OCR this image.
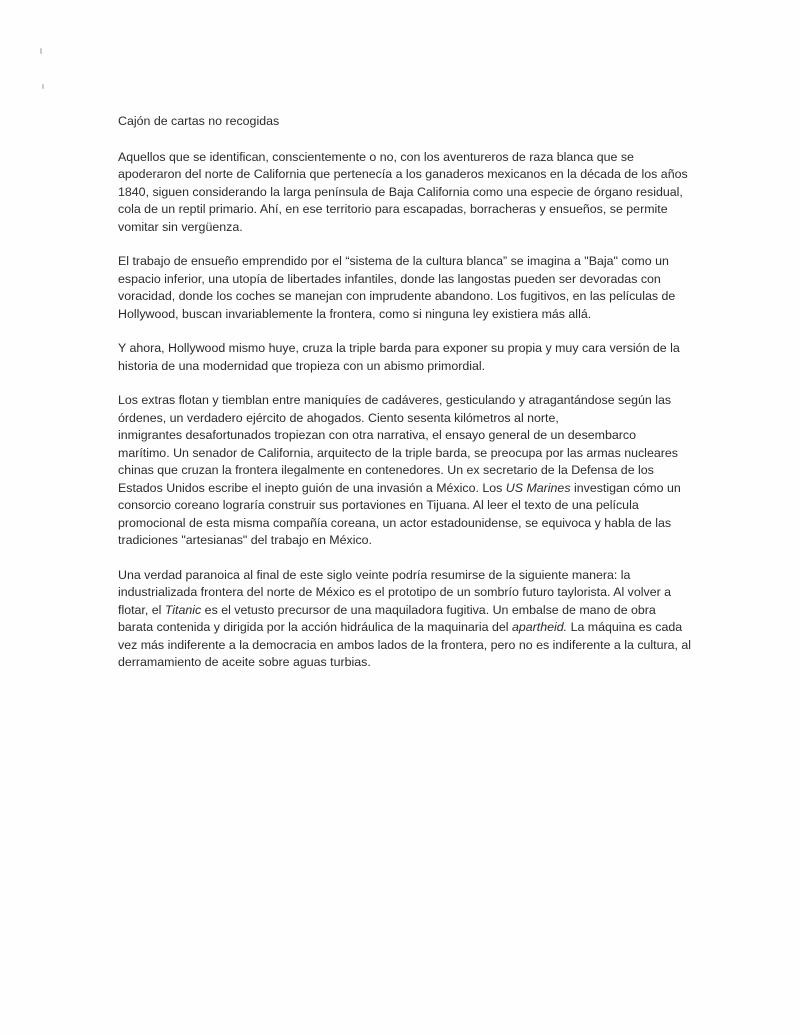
Cajón de cartas no recogidas

Aquellos que se identifican, conscientemente o no, con los aventureros de raza blanca que se
apoderaron del norte de California que pertenecía a los ganaderos mexicanos en la década de los años
1840, siguen considerando la larga península de Baja California como una especie de órgano residual,
cola de un reptil primario. Ahí, en ese territorio para escapadas, borracheras y ensueños, se permite
vomitar sin vergüenza.

El trabajo de ensueño emprendido por el “sistema de la cultura blanca” se imagina a "Baja" como un
espacio inferior, una utopía de libertades infantiles, donde las langostas pueden ser devoradas con
voracidad, donde los coches se manejan con imprudente abandono. Los fugitivos, en las películas de
Hollywood, buscan invariablemente la frontera, como si ninguna ley existiera más allá.

Y ahora, Hollywood mismo huye, cruza la triple barda para exponer su propia y muy cara versión de la
historia de una modernidad que tropieza con un abismo primordial.

Los extras flotan y tiemblan entre maniquíes de cadáveres, gesticulando y atragantándose según las
órdenes, un verdadero ejército de ahogados. Ciento sesenta kilómetros al norte,
inmigrantes desafortunados tropiezan con otra narrativa, el ensayo general de un desembarco
marítimo. Un senador de California, arquitecto de la triple barda, se preocupa por las armas nucleares
chinas que cruzan la frontera ilegalmente en contenedores. Un ex secretario de la Defensa de los
Estados Unidos escribe el inepto guión de una invasión a México. Los US Marines investigan cómo un
consorcio coreano lograría construir sus portaviones en Tijuana. Al leer el texto de una película
promocional de esta misma compañía coreana, un actor estadounidense, se equivoca y habla de las
tradiciones "artesianas" del trabajo en México.

Una verdad paranoica al final de este siglo veinte podría resumirse de la siguiente manera: la
industrializada frontera del norte de México es el prototipo de un sombrío futuro taylorista. Al volver a
flotar, el Titanic es el vetusto precursor de una maquiladora fugitiva. Un embalse de mano de obra
barata contenida y dirigida por la acción hidráulica de la maquinaria del apartheid. La máquina es cada
vez más indiferente a la democracia en ambos lados de la frontera, pero no es indiferente a la cultura, al
derramamiento de aceite sobre aguas turbias.
